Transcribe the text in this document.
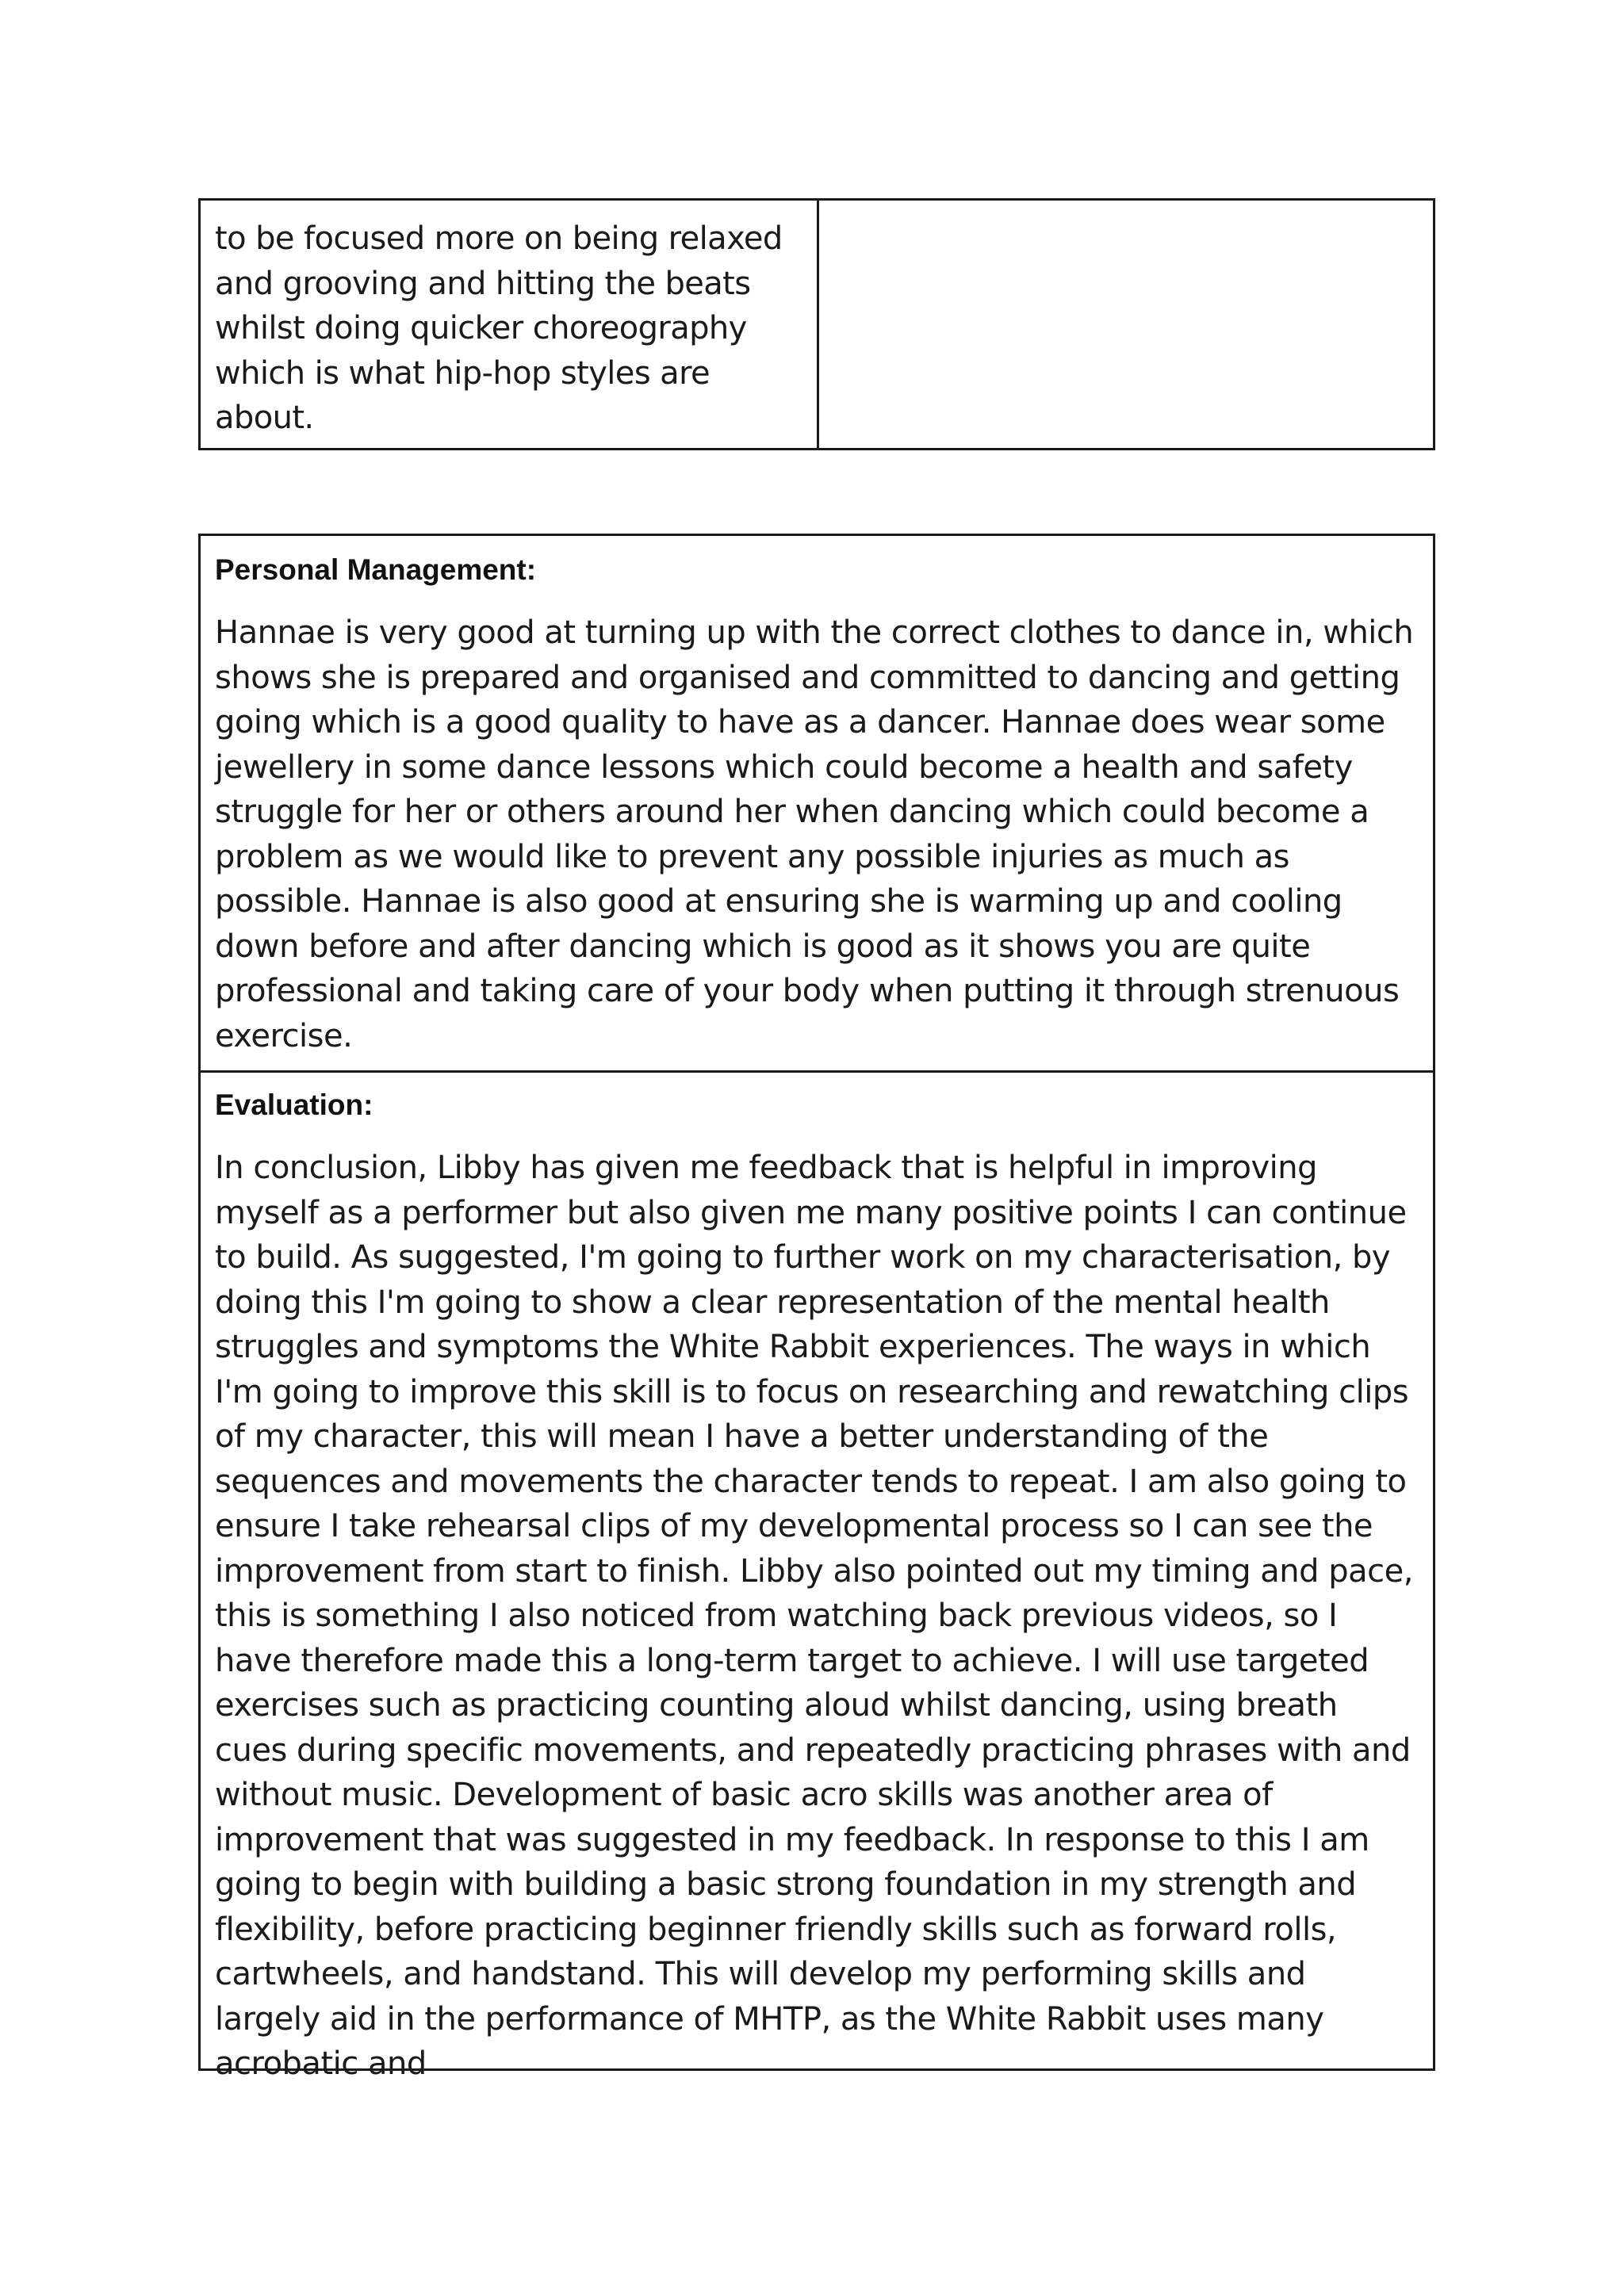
to be focused more on being relaxed and grooving and hitting the beats whilst doing quicker choreography which is what hip-hop styles are about.

Personal Management:

Hannae is very good at turning up with the correct clothes to dance in, which shows she is prepared and organised and committed to dancing and getting going which is a good quality to have as a dancer. Hannae does wear some jewellery in some dance lessons which could become a health and safety struggle for her or others around her when dancing which could become a problem as we would like to prevent any possible injuries as much as possible. Hannae is also good at ensuring she is warming up and cooling down before and after dancing which is good as it shows you are quite professional and taking care of your body when putting it through strenuous exercise.

Evaluation:

In conclusion, Libby has given me feedback that is helpful in improving myself as a performer but also given me many positive points I can continue to build. As suggested, I'm going to further work on my characterisation, by doing this I'm going to show a clear representation of the mental health struggles and symptoms the White Rabbit experiences. The ways in which I'm going to improve this skill is to focus on researching and rewatching clips of my character, this will mean I have a better understanding of the sequences and movements the character tends to repeat. I am also going to ensure I take rehearsal clips of my developmental process so I can see the improvement from start to finish. Libby also pointed out my timing and pace, this is something I also noticed from watching back previous videos, so I have therefore made this a long-term target to achieve. I will use targeted exercises such as practicing counting aloud whilst dancing, using breath cues during specific movements, and repeatedly practicing phrases with and without music. Development of basic acro skills was another area of improvement that was suggested in my feedback. In response to this I am going to begin with building a basic strong foundation in my strength and flexibility, before practicing beginner friendly skills such as forward rolls, cartwheels, and handstand. This will develop my performing skills and largely aid in the performance of MHTP, as the White Rabbit uses many acrobatic and
